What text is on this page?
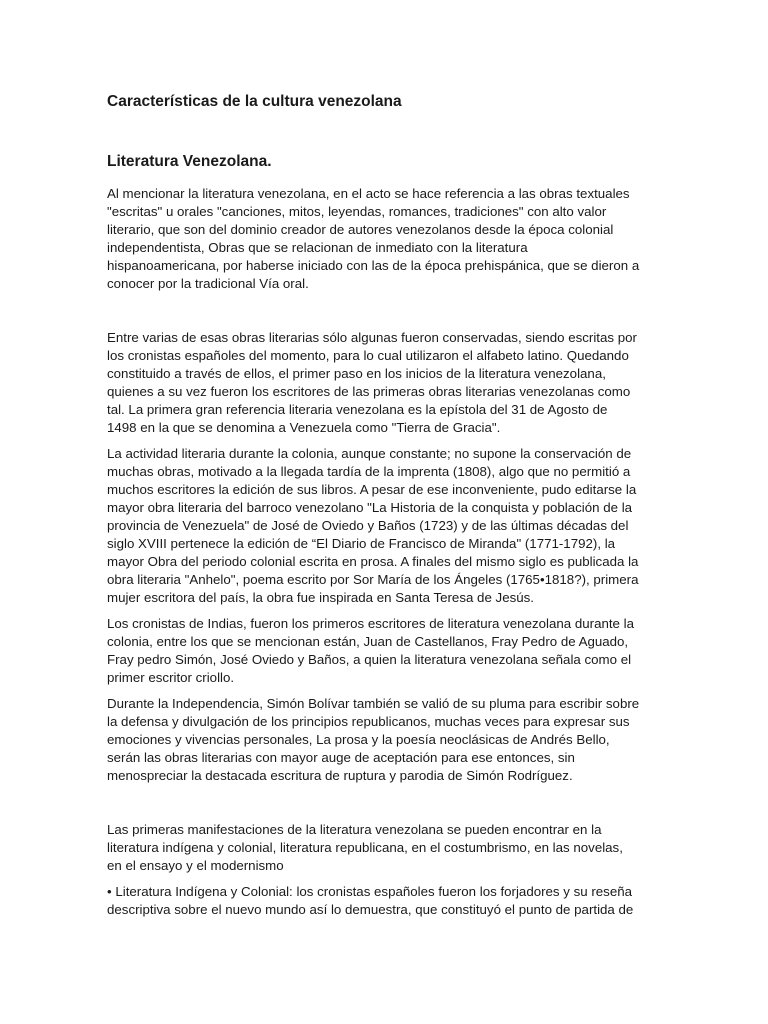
Características de la cultura venezolana
Literatura Venezolana.

Al mencionar la literatura venezolana, en el acto se hace referencia a las obras textuales
"escritas" u orales "canciones, mitos, leyendas, romances, tradiciones" con alto valor
literario, que son del dominio creador de autores venezolanos desde la época colonial
independentista, Obras que se relacionan de inmediato con la literatura
hispanoamericana, por haberse iniciado con las de la época prehispánica, que se dieron a
conocer por la tradicional Vía oral.

Entre varias de esas obras literarias sólo algunas fueron conservadas, siendo escritas por
los cronistas españoles del momento, para lo cual utilizaron el alfabeto latino. Quedando
constituido a través de ellos, el primer paso en los inicios de la literatura venezolana,
quienes a su vez fueron los escritores de las primeras obras literarias venezolanas como
tal. La primera gran referencia literaria venezolana es la epístola del 31 de Agosto de
1498 en la que se denomina a Venezuela como "Tierra de Gracia".

La actividad literaria durante la colonia, aunque constante; no supone la conservación de
muchas obras, motivado a la llegada tardía de la imprenta (1808), algo que no permitió a
muchos escritores la edición de sus libros. A pesar de ese inconveniente, pudo editarse la
mayor obra literaria del barroco venezolano "La Historia de la conquista y población de la
provincia de Venezuela" de José de Oviedo y Baños (1723) y de las últimas décadas del
siglo XVIII pertenece la edición de “El Diario de Francisco de Miranda" (1771-1792), la
mayor Obra del periodo colonial escrita en prosa. A finales del mismo siglo es publicada la
obra literaria "Anhelo", poema escrito por Sor María de los Ángeles (1765•1818?), primera
mujer escritora del país, la obra fue inspirada en Santa Teresa de Jesús.

Los cronistas de Indias, fueron los primeros escritores de literatura venezolana durante la
colonia, entre los que se mencionan están, Juan de Castellanos, Fray Pedro de Aguado,
Fray pedro Simón, José Oviedo y Baños, a quien la literatura venezolana señala como el
primer escritor criollo.

Durante la Independencia, Simón Bolívar también se valió de su pluma para escribir sobre
la defensa y divulgación de los principios republicanos, muchas veces para expresar sus
emociones y vivencias personales, La prosa y la poesía neoclásicas de Andrés Bello,
serán las obras literarias con mayor auge de aceptación para ese entonces, sin
menospreciar la destacada escritura de ruptura y parodia de Simón Rodríguez.

Las primeras manifestaciones de la literatura venezolana se pueden encontrar en la
literatura indígena y colonial, literatura republicana, en el costumbrismo, en las novelas,
en el ensayo y el modernismo

• Literatura Indígena y Colonial: los cronistas españoles fueron los forjadores y su reseña
descriptiva sobre el nuevo mundo así lo demuestra, que constituyó el punto de partida de
